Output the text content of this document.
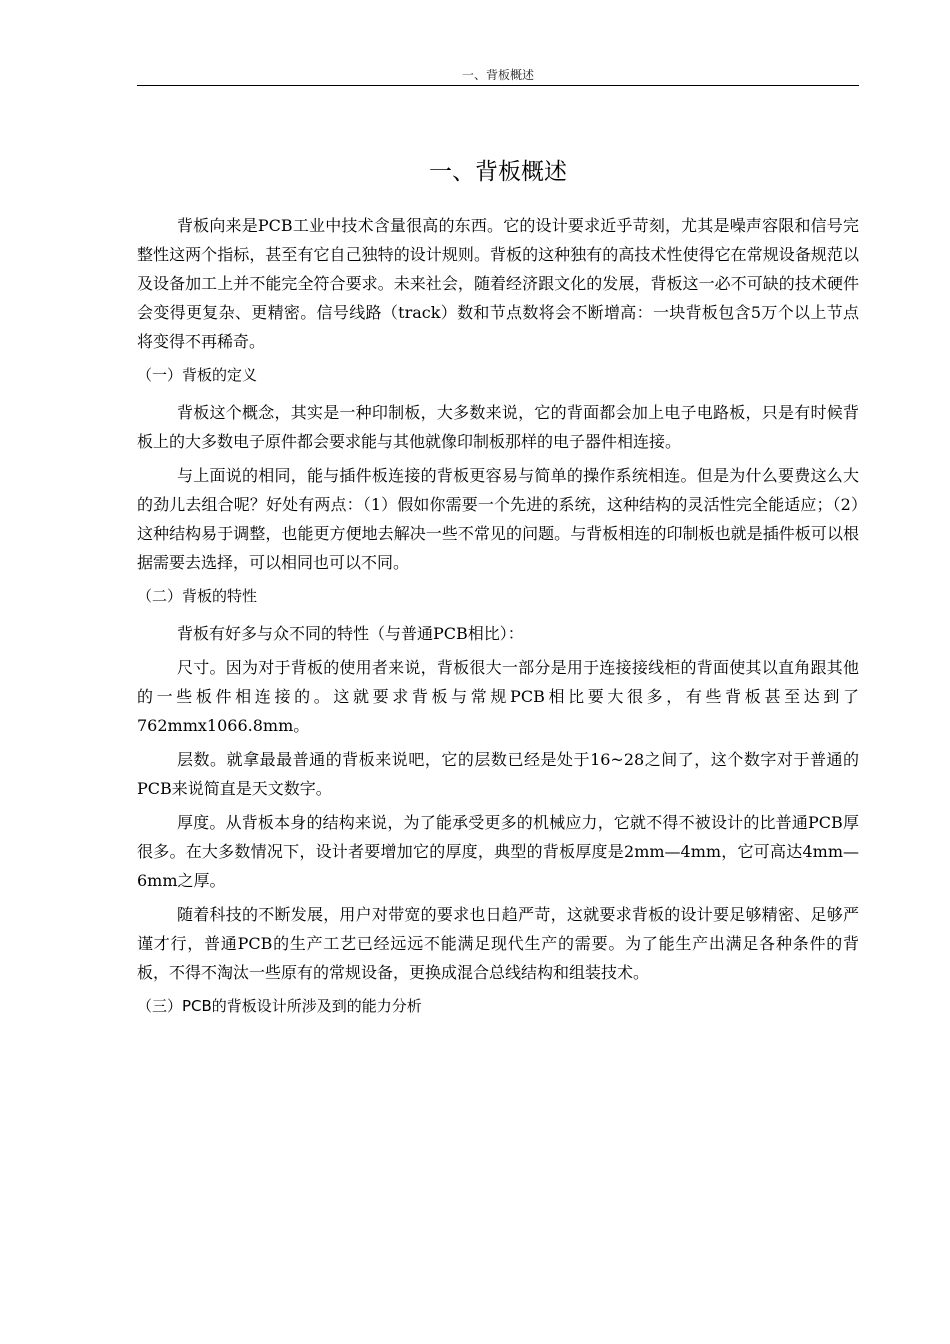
一、背板概述
一、背板概述

背板向来是PCB工业中技术含量很高的东西。它的设计要求近乎苛刻，尤其是噪声容限和信号完整性这两个指标，甚至有它自己独特的设计规则。背板的这种独有的高技术性使得它在常规设备规范以及设备加工上并不能完全符合要求。未来社会，随着经济跟文化的发展，背板这一必不可缺的技术硬件会变得更复杂、更精密。信号线路（track）数和节点数将会不断增高：一块背板包含5万个以上节点将变得不再稀奇。

（一）背板的定义

背板这个概念，其实是一种印制板，大多数来说，它的背面都会加上电子电路板，只是有时候背板上的大多数电子原件都会要求能与其他就像印制板那样的电子器件相连接。

与上面说的相同，能与插件板连接的背板更容易与简单的操作系统相连。但是为什么要费这么大的劲儿去组合呢？好处有两点：（1）假如你需要一个先进的系统，这种结构的灵活性完全能适应；（2）这种结构易于调整，也能更方便地去解决一些不常见的问题。与背板相连的印制板也就是插件板可以根据需要去选择，可以相同也可以不同。

（二）背板的特性

背板有好多与众不同的特性（与普通PCB相比）：

尺寸。因为对于背板的使用者来说，背板很大一部分是用于连接接线柜的背面使其以直角跟其他的一些板件相连接的。这就要求背板与常规PCB相比要大很多，有些背板甚至达到了762mmx1066.8mm。

层数。就拿最最普通的背板来说吧，它的层数已经是处于16~28之间了，这个数字对于普通的PCB来说简直是天文数字。

厚度。从背板本身的结构来说，为了能承受更多的机械应力，它就不得不被设计的比普通PCB厚很多。在大多数情况下，设计者要增加它的厚度，典型的背板厚度是2mm—4mm，它可高达4mm—6mm之厚。

随着科技的不断发展，用户对带宽的要求也日趋严苛，这就要求背板的设计要足够精密、足够严谨才行，普通PCB的生产工艺已经远远不能满足现代生产的需要。为了能生产出满足各种条件的背板，不得不淘汰一些原有的常规设备，更换成混合总线结构和组装技术。

（三）PCB的背板设计所涉及到的能力分析
